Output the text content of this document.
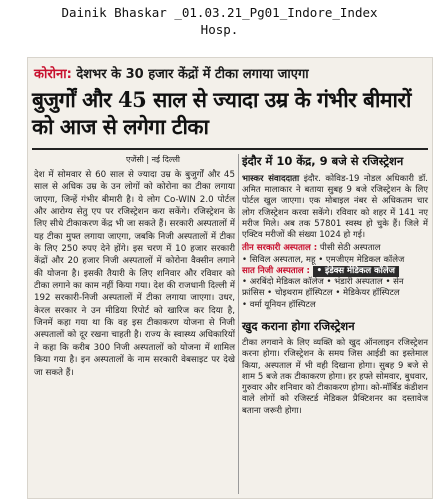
Dainik Bhaskar _01.03.21_Pg01_Indore_Index
Hosp.
कोरोना: देशभर के 30 हजार केंद्रों में टीका लगाया जाएगा
बुजुर्गों और 45 साल से ज्यादा उम्र के गंभीर बीमारों को आज से लगेगा टीका
एजेंसी | नई दिल्ली

देश में सोमवार से 60 साल से ज्यादा उम्र के बुजुर्गों और 45 साल से अधिक उम्र के उन लोगों को कोरोना का टीका लगाया जाएगा, जिन्हें गंभीर बीमारी है। ये लोग Co-WIN 2.0 पोर्टल और आरोग्य सेतु एप पर रजिस्ट्रेशन करा सकेंगे। रजिस्ट्रेशन के लिए सीधे टीकाकरण केंद्र भी जा सकते हैं। सरकारी अस्पतालों में यह टीका मुफ्त लगाया जाएगा, जबकि निजी अस्पतालों में टीका के लिए 250 रुपए देने होंगे। इस चरण में 10 हजार सरकारी केंद्रों और 20 हजार निजी अस्पतालों में कोरोना वैक्सीन लगाने की योजना है। इसकी तैयारी के लिए शनिवार और रविवार को टीका लगाने का काम नहीं किया गया। देश की राजधानी दिल्ली में 192 सरकारी-निजी अस्पतालों में टीका लगाया जाएगा। उधर, केरल सरकार ने उन मीडिया रिपोर्ट को खारिज कर दिया है, जिनमें कहा गया था कि वह इस टीकाकरण योजना से निजी अस्पतालों को दूर रखना चाहती है। राज्य के स्वास्थ्य अधिकारियों ने कहा कि करीब 300 निजी अस्पतालों को योजना में शामिल किया गया है। इन अस्पतालों के नाम सरकारी वेबसाइट पर देखे जा सकते हैं।

इंदौर में 10 केंद्र, 9 बजे से रजिस्ट्रेशन
भास्कर संवाददाता इंदौर. कोविड-19 नोडल अधिकारी डॉ. अमित मालाकार ने बताया सुबह 9 बजे रजिस्ट्रेशन के लिए पोर्टल खुल जाएगा। एक मोबाइल नंबर से अधिकतम चार लोग रजिस्ट्रेशन करवा सकेंगे। रविवार को शहर में 141 नए मरीज मिले। अब तक 57801 स्वस्थ हो चुके हैं। जिले में एक्टिव मरीजों की संख्या 1024 हो गई।
तीन सरकारी अस्पताल : पीसी सेठी अस्पताल
• सिविल अस्पताल, महू • एमजीएम मेडिकल कॉलेज
सात निजी अस्पताल : • इंडेक्स मेडिकल कॉलेज
• अरबिंदो मेडिकल कॉलेज • भंडारी अस्पताल • सेन
फ्रांसिस • चोइथराम हॉस्पिटल • मेडिकेयर हॉस्पिटल
• वर्मा यूनियन हॉस्पिटल
खुद कराना होगा रजिस्ट्रेशन
टीका लगवाने के लिए व्यक्ति को खुद ऑनलाइन रजिस्ट्रेशन करना होगा। रजिस्ट्रेशन के समय जिस आईडी का इस्तेमाल किया, अस्पताल में भी वही दिखाना होगा। सुबह 9 बजे से शाम 5 बजे तक टीकाकरण होगा। हर हफ्ते सोमवार, बुधवार, गुरुवार और शनिवार को टीकाकरण होगा। को-मॉर्बिड कंडीशन वाले लोगों को रजिस्टर्ड मेडिकल प्रैक्टिशनर का दस्तावेज बताना जरूरी होगा।
